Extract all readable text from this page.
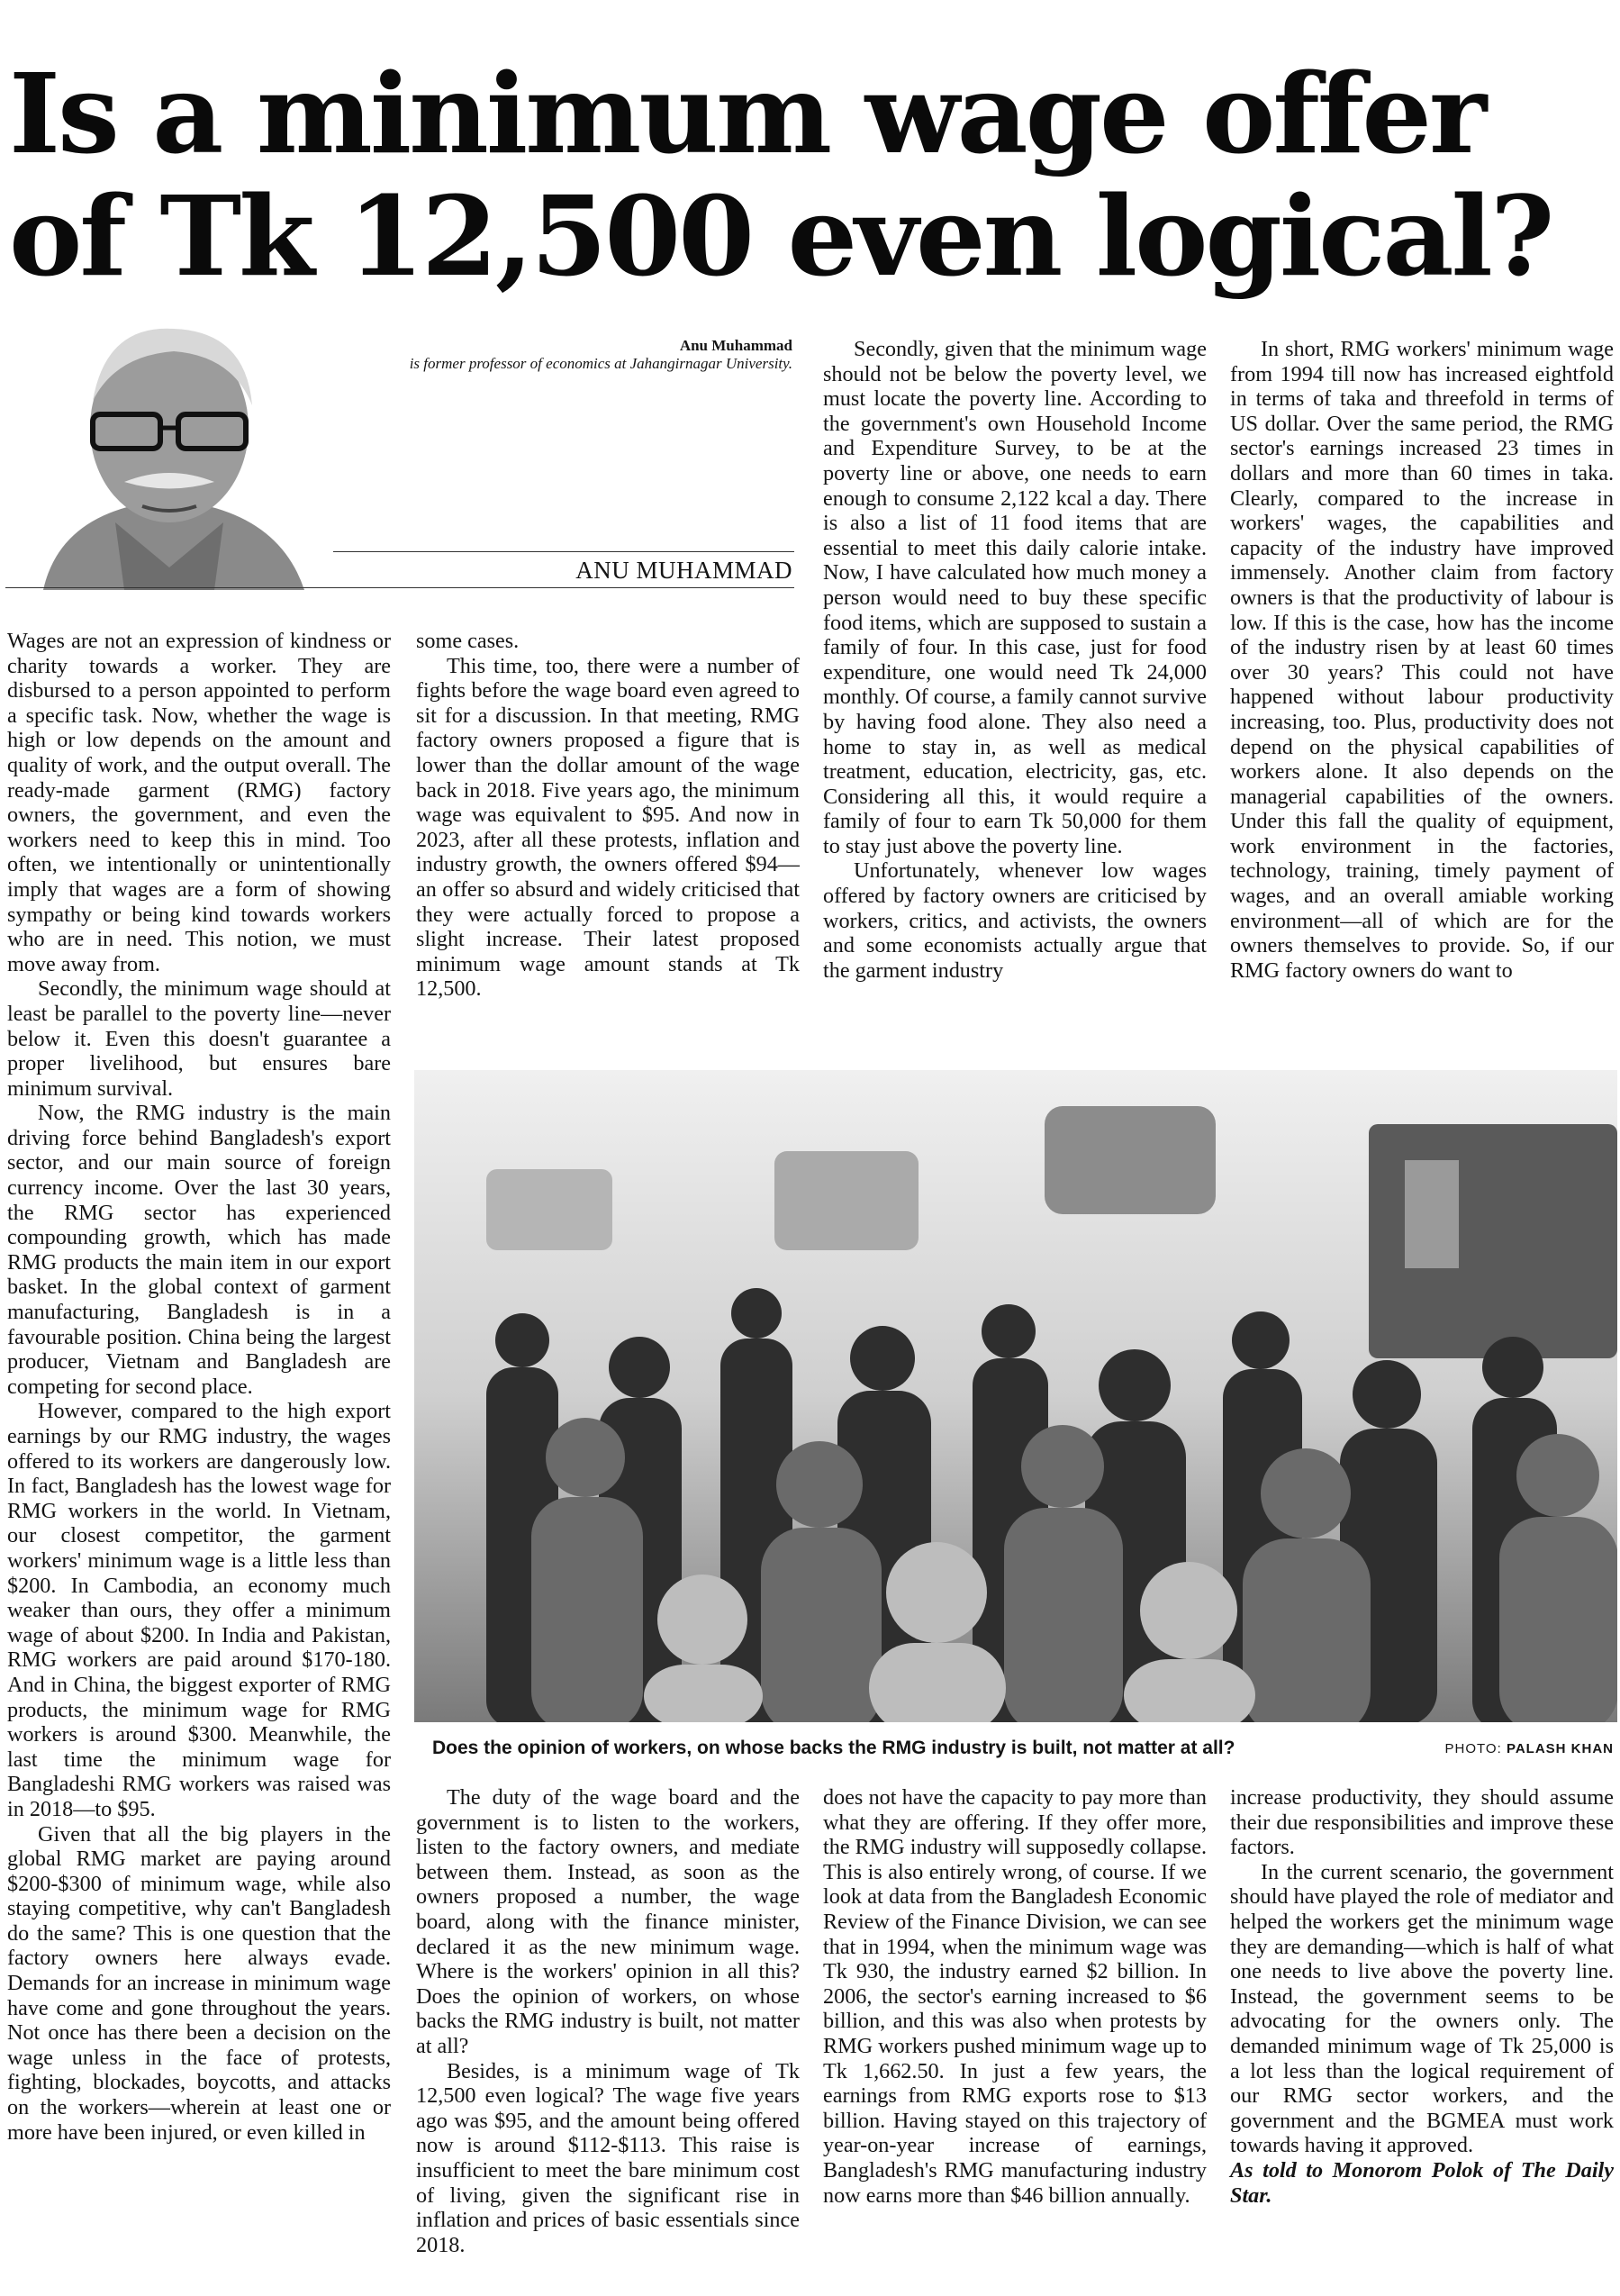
Is a minimum wage offer of Tk 12,500 even logical?
Anu Muhammad
is former professor of economics at Jahangirnagar University.
ANU MUHAMMAD

Wages are not an expression of kindness or charity towards a worker. They are disbursed to a person appointed to perform a specific task. Now, whether the wage is high or low depends on the amount and quality of work, and the output overall. The ready-made garment (RMG) factory owners, the government, and even the workers need to keep this in mind. Too often, we intentionally or unintentionally imply that wages are a form of showing sympathy or being kind towards workers who are in need. This notion, we must move away from.

Secondly, the minimum wage should at least be parallel to the poverty line—never below it. Even this doesn't guarantee a proper livelihood, but ensures bare minimum survival.

Now, the RMG industry is the main driving force behind Bangladesh's export sector, and our main source of foreign currency income. Over the last 30 years, the RMG sector has experienced compounding growth, which has made RMG products the main item in our export basket. In the global context of garment manufacturing, Bangladesh is in a favourable position. China being the largest producer, Vietnam and Bangladesh are competing for second place.

However, compared to the high export earnings by our RMG industry, the wages offered to its workers are dangerously low. In fact, Bangladesh has the lowest wage for RMG workers in the world. In Vietnam, our closest competitor, the garment workers' minimum wage is a little less than $200. In Cambodia, an economy much weaker than ours, they offer a minimum wage of about $200. In India and Pakistan, RMG workers are paid around $170-180. And in China, the biggest exporter of RMG products, the minimum wage for RMG workers is around $300. Meanwhile, the last time the minimum wage for Bangladeshi RMG workers was raised was in 2018—to $95.

Given that all the big players in the global RMG market are paying around $200-$300 of minimum wage, while also staying competitive, why can't Bangladesh do the same? This is one question that the factory owners here always evade. Demands for an increase in minimum wage have come and gone throughout the years. Not once has there been a decision on the wage unless in the face of protests, fighting, blockades, boycotts, and attacks on the workers—wherein at least one or more have been injured, or even killed in

some cases.

This time, too, there were a number of fights before the wage board even agreed to sit for a discussion. In that meeting, RMG factory owners proposed a figure that is lower than the dollar amount of the wage back in 2018. Five years ago, the minimum wage was equivalent to $95. And now in 2023, after all these protests, inflation and industry growth, the owners offered $94—an offer so absurd and widely criticised that they were actually forced to propose a slight increase. Their latest proposed minimum wage amount stands at Tk 12,500.

Secondly, given that the minimum wage should not be below the poverty level, we must locate the poverty line. According to the government's own Household Income and Expenditure Survey, to be at the poverty line or above, one needs to earn enough to consume 2,122 kcal a day. There is also a list of 11 food items that are essential to meet this daily calorie intake. Now, I have calculated how much money a person would need to buy these specific food items, which are supposed to sustain a family of four. In this case, just for food expenditure, one would need Tk 24,000 monthly. Of course, a family cannot survive by having food alone. They also need a home to stay in, as well as medical treatment, education, electricity, gas, etc. Considering all this, it would require a family of four to earn Tk 50,000 for them to stay just above the poverty line.

Unfortunately, whenever low wages offered by factory owners are criticised by workers, critics, and activists, the owners and some economists actually argue that the garment industry

In short, RMG workers' minimum wage from 1994 till now has increased eightfold in terms of taka and threefold in terms of US dollar. Over the same period, the RMG sector's earnings increased 23 times in dollars and more than 60 times in taka. Clearly, compared to the increase in workers' wages, the capabilities and capacity of the industry have improved immensely. Another claim from factory owners is that the productivity of labour is low. If this is the case, how has the income of the industry risen by at least 60 times over 30 years? This could not have happened without labour productivity increasing, too. Plus, productivity does not depend on the physical capabilities of workers alone. It also depends on the managerial capabilities of the owners. Under this fall the quality of equipment, work environment in the factories, technology, training, timely payment of wages, and an overall amiable working environment—all of which are for the owners themselves to provide. So, if our RMG factory owners do want to

Does the opinion of workers, on whose backs the RMG industry is built, not matter at all?	PHOTO: PALASH KHAN

The duty of the wage board and the government is to listen to the workers, listen to the factory owners, and mediate between them. Instead, as soon as the owners proposed a number, the wage board, along with the finance minister, declared it as the new minimum wage. Where is the workers' opinion in all this? Does the opinion of workers, on whose backs the RMG industry is built, not matter at all?

Besides, is a minimum wage of Tk 12,500 even logical? The wage five years ago was $95, and the amount being offered now is around $112-$113. This raise is insufficient to meet the bare minimum cost of living, given the significant rise in inflation and prices of basic essentials since 2018.

does not have the capacity to pay more than what they are offering. If they offer more, the RMG industry will supposedly collapse. This is also entirely wrong, of course. If we look at data from the Bangladesh Economic Review of the Finance Division, we can see that in 1994, when the minimum wage was Tk 930, the industry earned $2 billion. In 2006, the sector's earning increased to $6 billion, and this was also when protests by RMG workers pushed minimum wage up to Tk 1,662.50. In just a few years, the earnings from RMG exports rose to $13 billion. Having stayed on this trajectory of year-on-year increase of earnings, Bangladesh's RMG manufacturing industry now earns more than $46 billion annually.

increase productivity, they should assume their due responsibilities and improve these factors.

In the current scenario, the government should have played the role of mediator and helped the workers get the minimum wage they are demanding—which is half of what one needs to live above the poverty line. Instead, the government seems to be advocating for the owners only. The demanded minimum wage of Tk 25,000 is a lot less than the logical requirement of our RMG sector workers, and the government and the BGMEA must work towards having it approved.

As told to Monorom Polok of The Daily Star.
